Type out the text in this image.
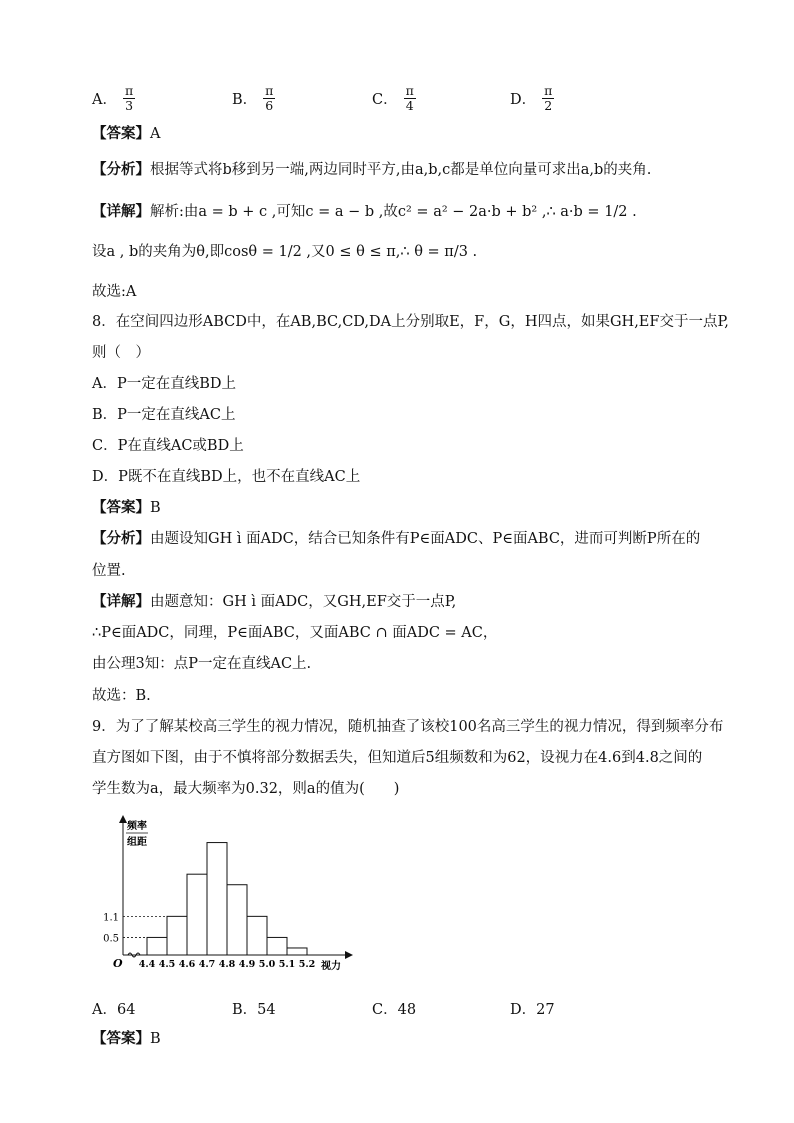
A． $\frac{\pi}{3}$	B． $\frac{\pi}{6}$	C． $\frac{\pi}{4}$	D． $\frac{\pi}{2}$
【答案】A
【分析】根据等式将b移到另一端,两边同时平方,由a,b,c都是单位向量可求出a,b的夹角.
【详解】解析:由a = b + c ,可知c = a − b ,故c² = a² − 2a·b + b² ,∴ a·b = 1/2 .
设a , b的夹角为θ,即cosθ = 1/2 ,又0 ≤ θ ≤ π,∴ θ = π/3 .
故选:A
8．在空间四边形ABCD中，在AB,BC,CD,DA上分别取E，F，G，H四点，如果GH,EF交于一点P,
则（　）
A．P一定在直线BD上
B．P一定在直线AC上
C．P在直线AC或BD上
D．P既不在直线BD上，也不在直线AC上
【答案】B
【分析】由题设知GH ì 面ADC，结合已知条件有P∈面ADC、P∈面ABC，进而可判断P所在的
位置.
【详解】由题意知：GH ì 面ADC，又GH,EF交于一点P,
∴P∈面ADC，同理，P∈面ABC，又面ABC ∩ 面ADC = AC，
由公理3知：点P一定在直线AC上.
故选：B.
9．为了了解某校高三学生的视力情况，随机抽查了该校100名高三学生的视力情况，得到频率分布
直方图如下图，由于不慎将部分数据丢失，但知道后5组频数和为62，设视力在4.6到4.8之间的
学生数为a，最大频率为0.32，则a的值为(　　)
0.5
1.1
4.4 4.5 4.6 4.7 4.8 4.9 5.0 5.1 5.2
O	视力
频率
组距
A．64	B．54	C．48	D．27
【答案】B
